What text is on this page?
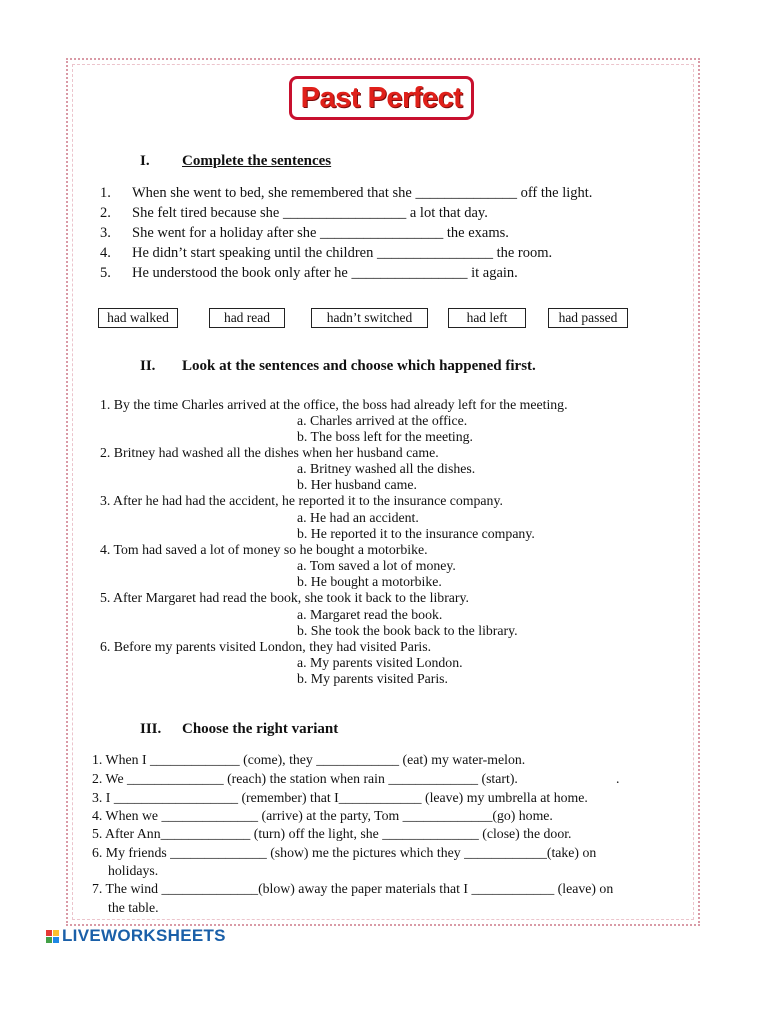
Past Perfect
I. Complete the sentences
1. When she went to bed, she remembered that she ______________ off the light.
2. She felt tired because she _________________ a lot that day.
3. She went for a holiday after she _________________ the exams.
4. He didn’t start speaking until the children ________________ the room.
5. He understood the book only after he ________________ it again.
had walked	had read	hadn’t switched	had left	had passed
II. Look at the sentences and choose which happened first.
1. By the time Charles arrived at the office, the boss had already left for the meeting.
a. Charles arrived at the office.
b. The boss left for the meeting.
2. Britney had washed all the dishes when her husband came.
a. Britney washed all the dishes.
b. Her husband came.
3. After he had had the accident, he reported it to the insurance company.
a. He had an accident.
b. He reported it to the insurance company.
4. Tom had saved a lot of money so he bought a motorbike.
a. Tom saved a lot of money.
b. He bought a motorbike.
5. After Margaret had read the book, she took it back to the library.
a. Margaret read the book.
b. She took the book back to the library.
6. Before my parents visited London, they had visited Paris.
a. My parents visited London.
b. My parents visited Paris.
III. Choose the right variant
1. When I _____________ (come), they ____________ (eat) my water-melon.
2. We ______________ (reach) the station when rain _____________ (start).	.
3. I __________________ (remember) that I____________ (leave) my umbrella at home.
4. When we ______________ (arrive) at the party, Tom _____________(go) home.
5. After Ann_____________ (turn) off the light, she ______________ (close) the door.
6. My friends ______________ (show) me the pictures which they ____________(take) on
holidays.
7. The wind ______________(blow) away the paper materials that I ____________ (leave) on
the table.
LIVEWORKSHEETS
